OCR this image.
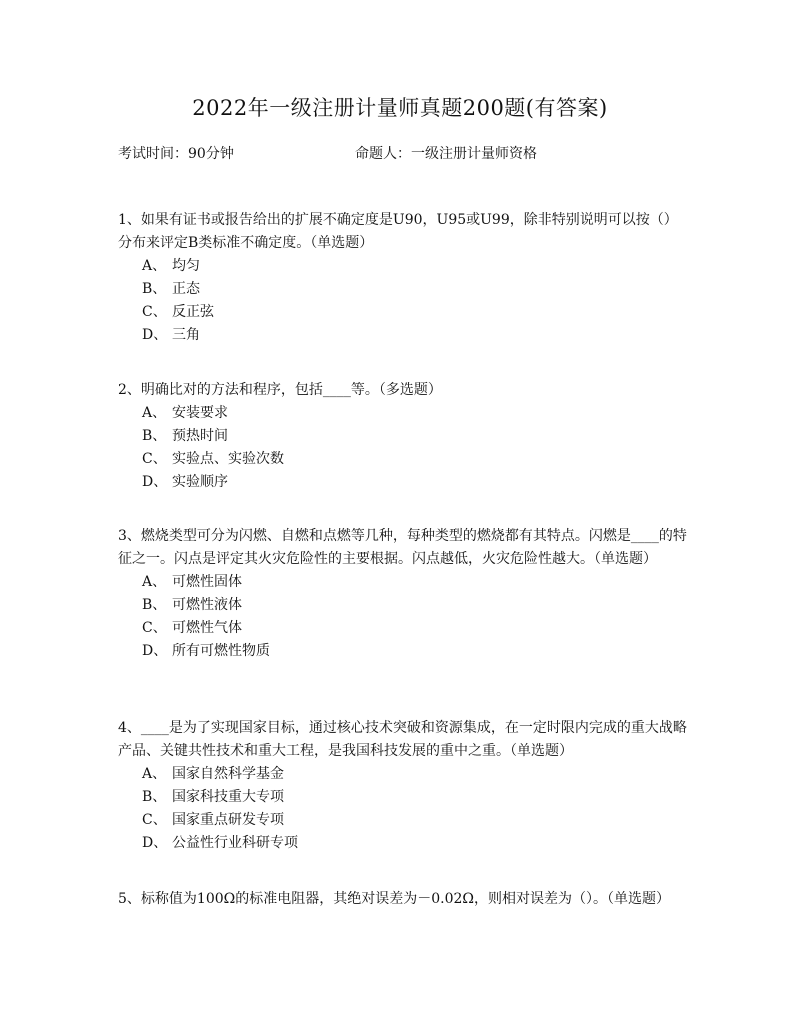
2022年一级注册计量师真题200题(有答案)
考试时间：90分钟	命题人：一级注册计量师资格

1、如果有证书或报告给出的扩展不确定度是U90，U95或U99，除非特别说明可以按（）分布来评定B类标准不确定度。（单选题）

A、 均匀
B、 正态
C、 反正弦
D、 三角

2、明确比对的方法和程序，包括____等。（多选题）

A、 安装要求
B、 预热时间
C、 实验点、实验次数
D、 实验顺序

3、燃烧类型可分为闪燃、自燃和点燃等几种，每种类型的燃烧都有其特点。闪燃是____的特征之一。闪点是评定其火灾危险性的主要根据。闪点越低，火灾危险性越大。（单选题）

A、 可燃性固体
B、 可燃性液体
C、 可燃性气体
D、 所有可燃性物质

4、____是为了实现国家目标，通过核心技术突破和资源集成，在一定时限内完成的重大战略产品、关键共性技术和重大工程，是我国科技发展的重中之重。（单选题）

A、 国家自然科学基金
B、 国家科技重大专项
C、 国家重点研发专项
D、 公益性行业科研专项

5、标称值为100Ω的标准电阻器，其绝对误差为－0.02Ω，则相对误差为（）。（单选题）
